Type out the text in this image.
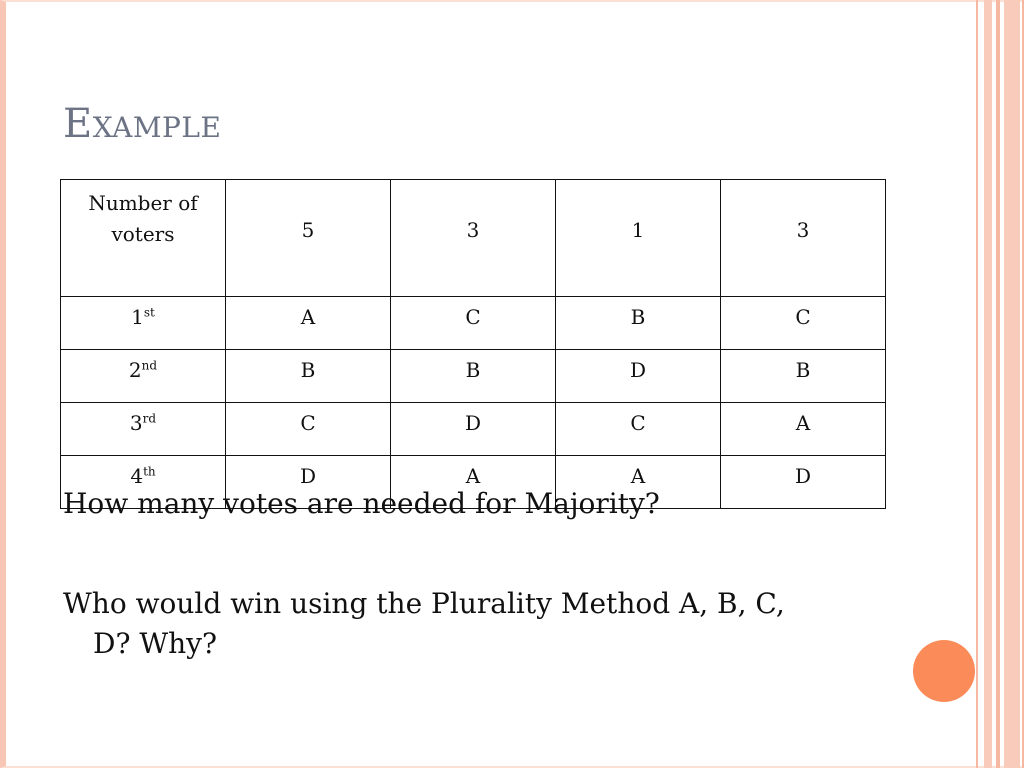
Example
Number of voters	5	3	1	3
1st	A	C	B	C
2nd	B	B	D	B
3rd	C	D	C	A
4th	D	A	A	D

How many votes are needed for Majority?

Who would win using the Plurality Method A, B, C,
D? Why?
